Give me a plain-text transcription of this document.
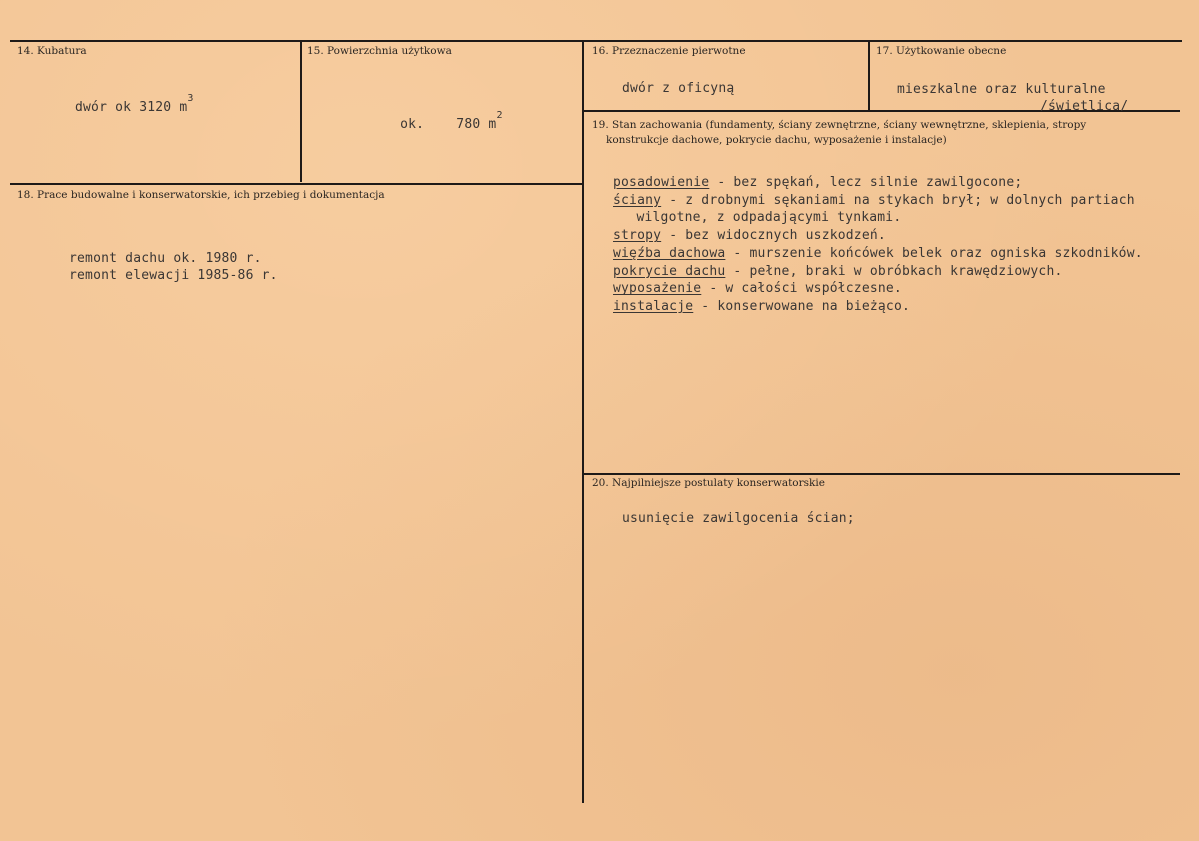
14. Kubatura
dwór ok 3120 $m^3$
15. Powierzchnia użytkowa

ok.    780 $m^2$

16. Przeznaczenie pierwotne
dwór z oficyną
17. Użytkowanie obecne
mieszkalne oraz kulturalne
/świetlica/
18. Prace budowalne i konserwatorskie, ich przebieg i dokumentacja
remont dachu ok. 1980 r.
remont elewacji 1985-86 r.
19. Stan zachowania (fundamenty, ściany zewnętrzne, ściany wewnętrzne, sklepienia, stropy
konstrukcje dachowe, pokrycie dachu, wyposażenie i instalacje)
posadowienie - bez spękań, lecz silnie zawilgocone;
ściany - z drobnymi sękaniami na stykach brył; w dolnych partiach
wilgotne, z odpadającymi tynkami.
stropy - bez widocznych uszkodzeń.
więźba dachowa - murszenie końcówek belek oraz ogniska szkodników.
pokrycie dachu - pełne, braki w obróbkach krawędziowych.
wyposażenie - w całości współczesne.
instalacje - konserwowane na bieżąco.
20. Najpilniejsze postulaty konserwatorskie
usunięcie zawilgocenia ścian;
